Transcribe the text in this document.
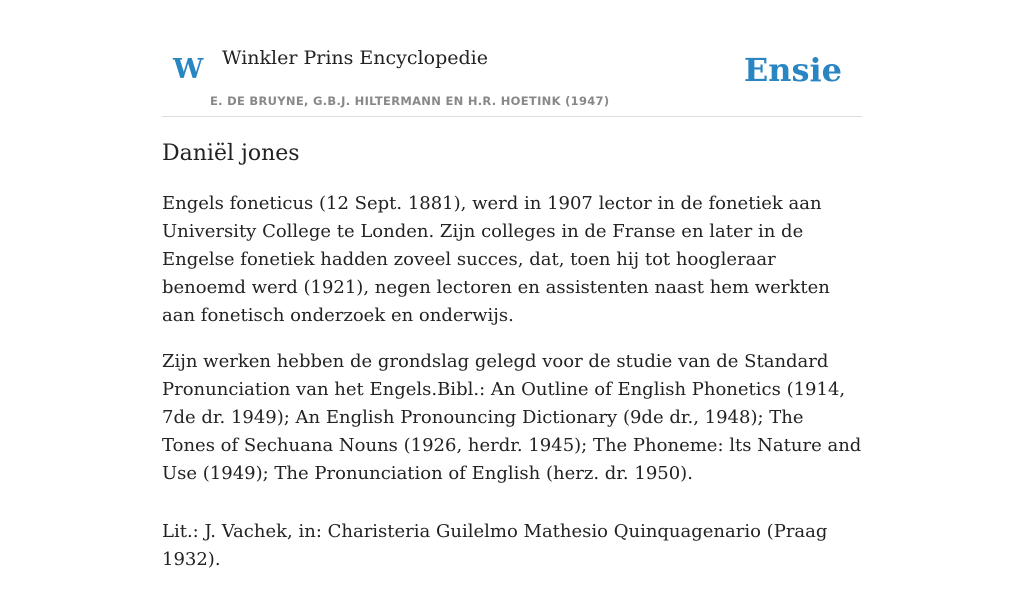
W Winkler Prins Encyclopedie
E. DE BRUYNE, G.B.J. HILTERMANN EN H.R. HOETINK (1947)
Ensie
Daniël jones

Engels foneticus (12 Sept. 1881), werd in 1907 lector in de fonetiek aan University College te Londen. Zijn colleges in de Franse en later in de Engelse fonetiek hadden zoveel succes, dat, toen hij tot hoogleraar benoemd werd (1921), negen lectoren en assistenten naast hem werkten aan fonetisch onderzoek en onderwijs.

Zijn werken hebben de grondslag gelegd voor de studie van de Standard Pronunciation van het Engels.Bibl.: An Outline of English Phonetics (1914, 7de dr. 1949); An English Pronouncing Dictionary (9de dr., 1948); The Tones of Sechuana Nouns (1926, herdr. 1945); The Phoneme: lts Nature and Use (1949); The Pronunciation of English (herz. dr. 1950).

Lit.: J. Vachek, in: Charisteria Guilelmo Mathesio Quinquagenario (Praag 1932).
